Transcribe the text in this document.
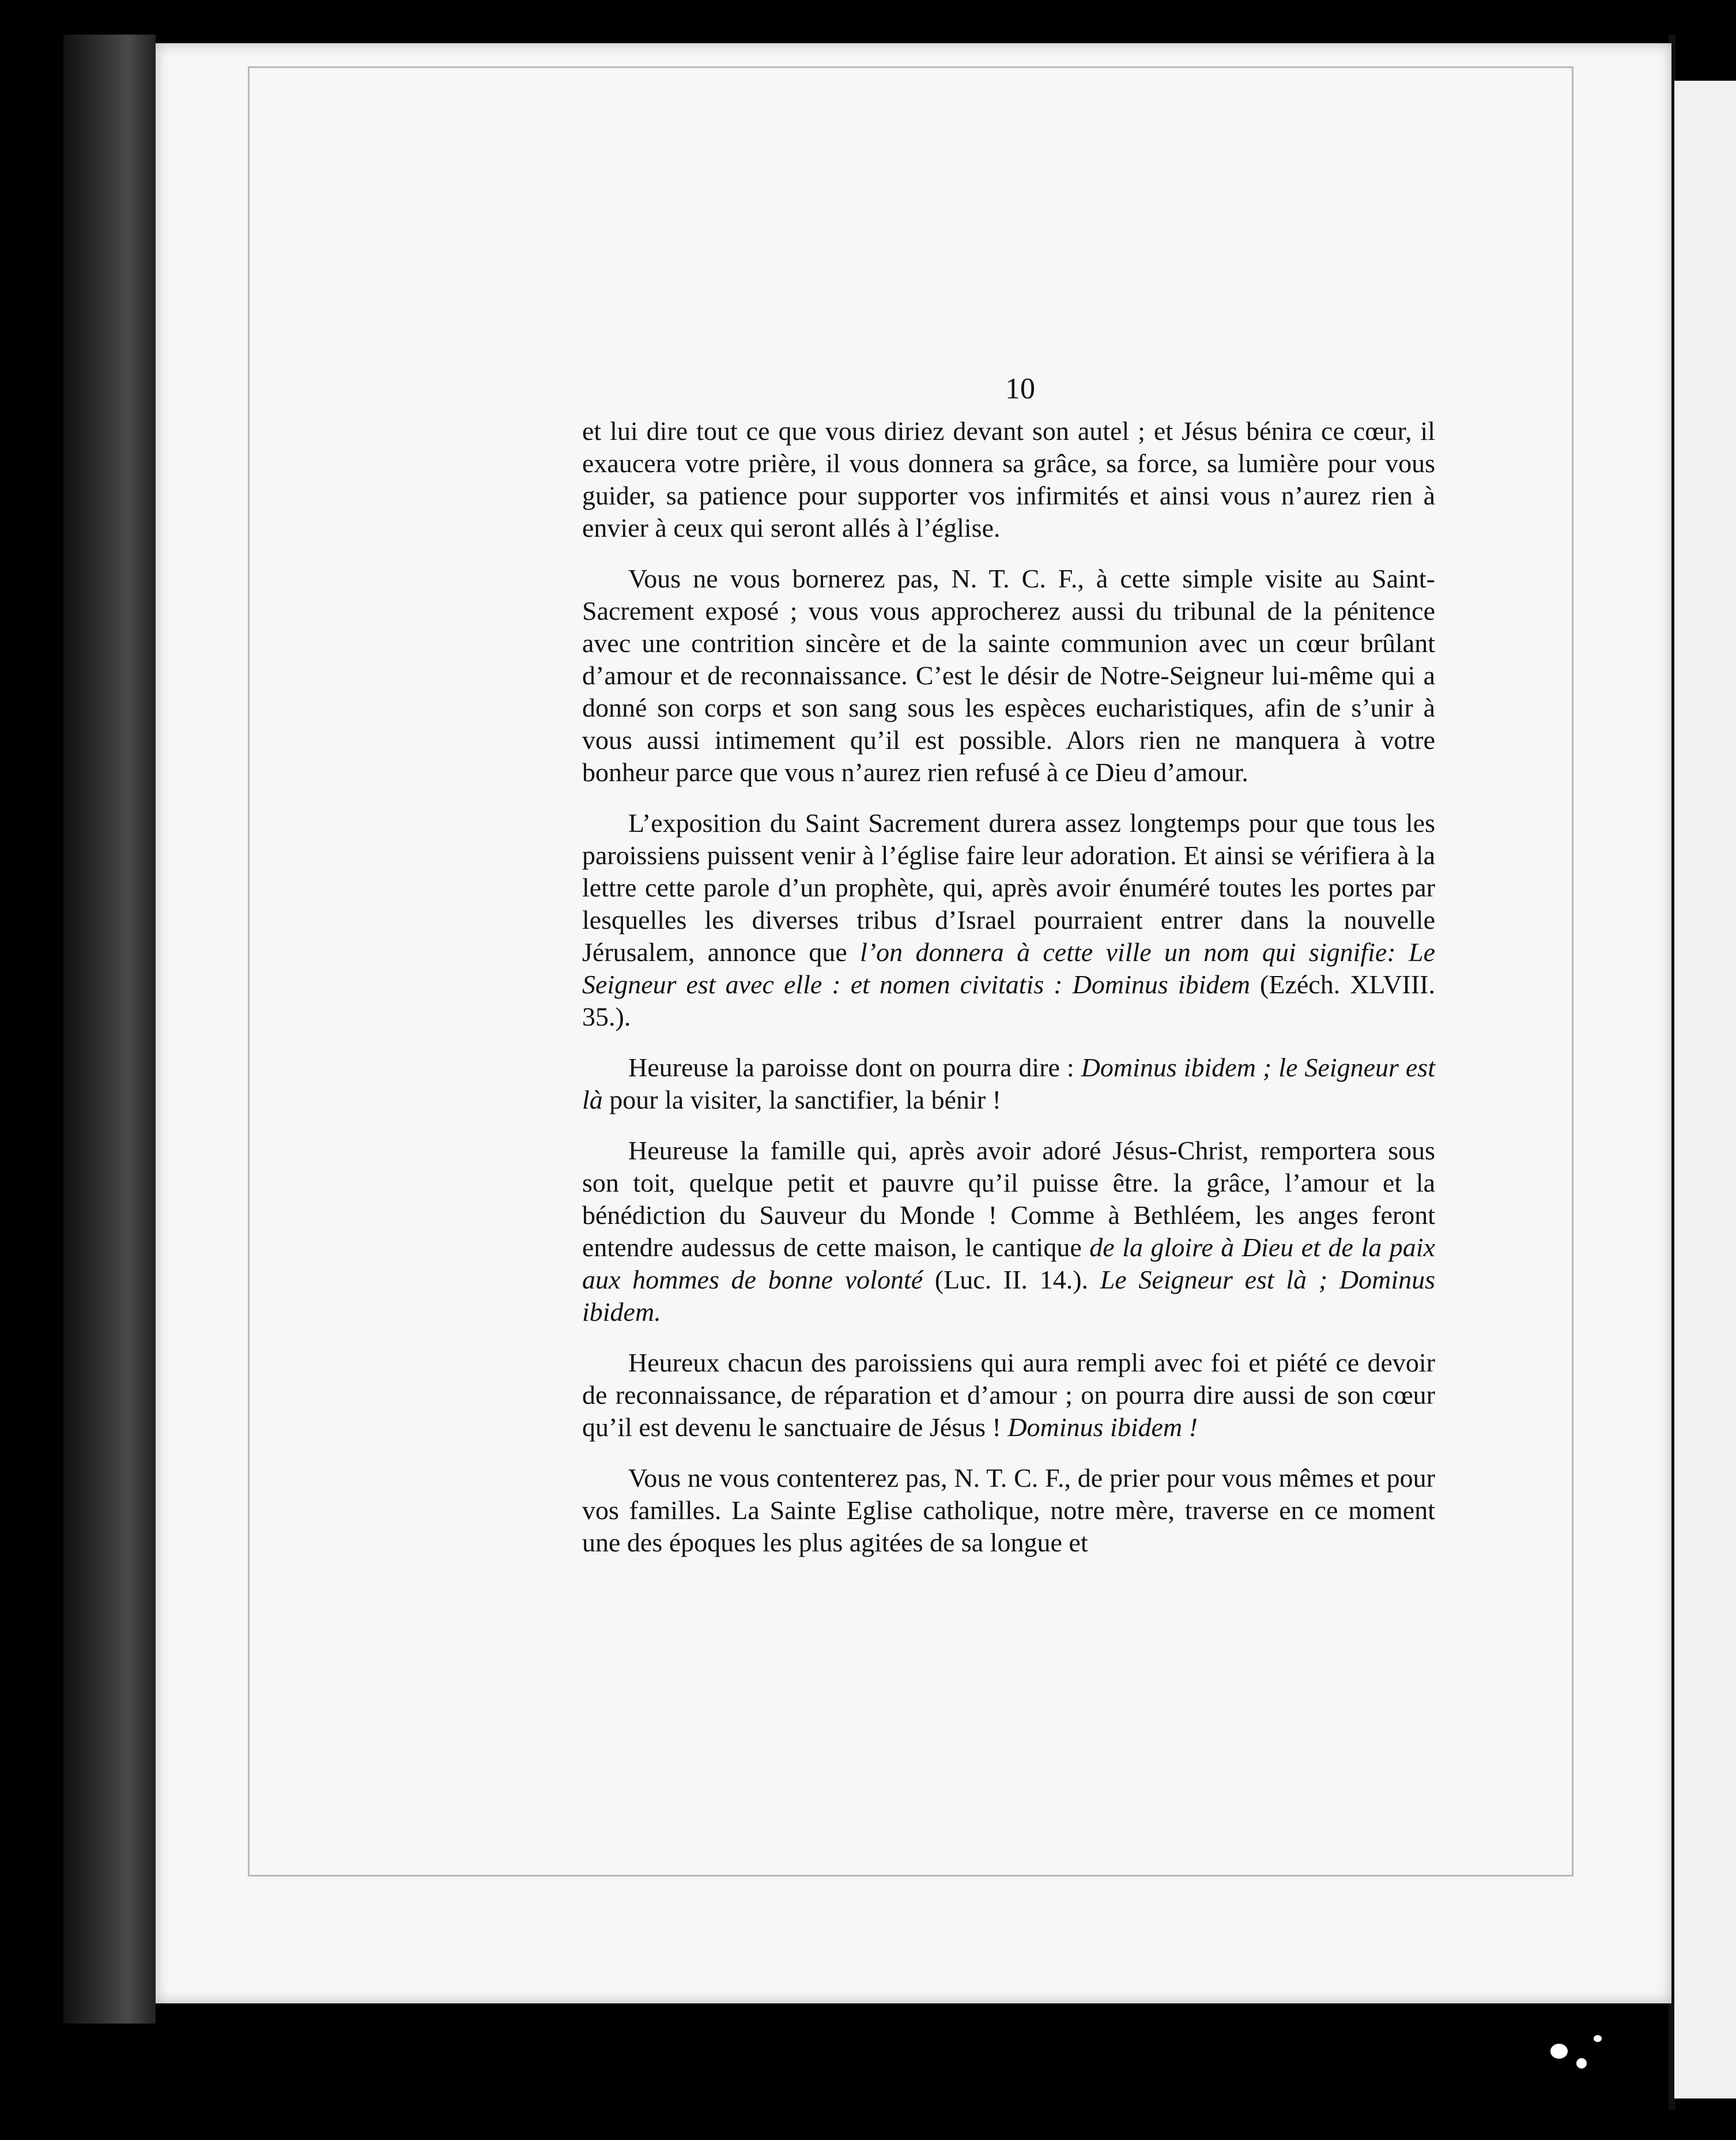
10

et lui dire tout ce que vous diriez devant son autel ; et Jésus bénira ce cœur, il exaucera votre prière, il vous donnera sa grâce, sa force, sa lumière pour vous guider, sa patience pour supporter vos infirmités et ainsi vous n’aurez rien à envier à ceux qui seront allés à l’église.

Vous ne vous bornerez pas, N. T. C. F., à cette simple visite au Saint-Sacrement exposé ; vous vous approcherez aussi du tribunal de la pénitence avec une contrition sincère et de la sainte communion avec un cœur brûlant d’amour et de reconnaissance. C’est le désir de Notre-Seigneur lui-même qui a donné son corps et son sang sous les espèces eucharistiques, afin de s’unir à vous aussi intimement qu’il est possible. Alors rien ne manquera à votre bonheur parce que vous n’aurez rien refusé à ce Dieu d’amour.

L’exposition du Saint Sacrement durera assez longtemps pour que tous les paroissiens puissent venir à l’église faire leur adoration. Et ainsi se vérifiera à la lettre cette parole d’un prophète, qui, après avoir énuméré toutes les portes par lesquelles les diverses tribus d’Israel pourraient entrer dans la nouvelle Jérusalem, annonce que l’on donnera à cette ville un nom qui signifie: Le Seigneur est avec elle : et nomen civitatis : Dominus ibidem (Ezéch. XLVIII. 35.).

Heureuse la paroisse dont on pourra dire : Dominus ibidem ; le Seigneur est là pour la visiter, la sanctifier, la bénir !

Heureuse la famille qui, après avoir adoré Jésus-Christ, remportera sous son toit, quelque petit et pauvre qu’il puisse être. la grâce, l’amour et la bénédiction du Sauveur du Monde ! Comme à Bethléem, les anges feront entendre audessus de cette maison, le cantique de la gloire à Dieu et de la paix aux hommes de bonne volonté (Luc. II. 14.). Le Seigneur est là ; Dominus ibidem.

Heureux chacun des paroissiens qui aura rempli avec foi et piété ce devoir de reconnaissance, de réparation et d’amour ; on pourra dire aussi de son cœur qu’il est devenu le sanctuaire de Jésus ! Dominus ibidem !

Vous ne vous contenterez pas, N. T. C. F., de prier pour vous mêmes et pour vos familles. La Sainte Eglise catholique, notre mère, traverse en ce moment une des époques les plus agitées de sa longue et
